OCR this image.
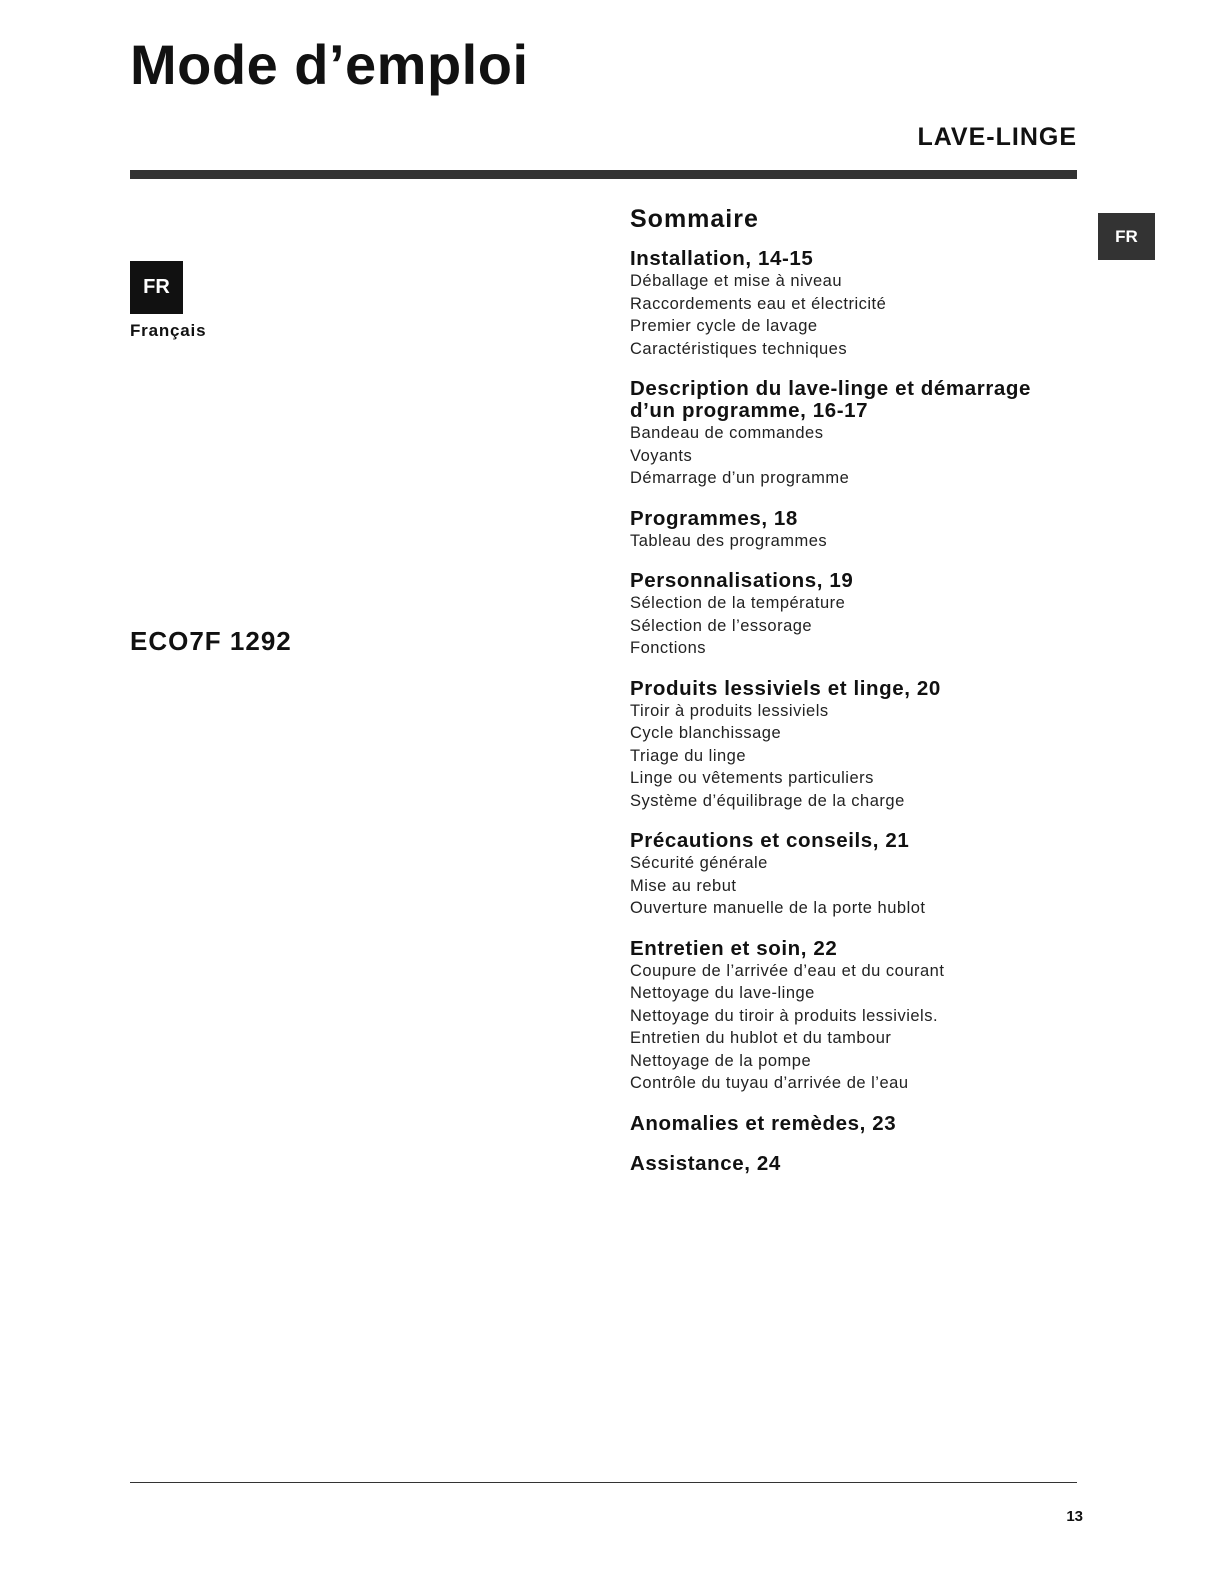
Mode d’emploi
LAVE-LINGE
FR
Français
ECO7F 1292
FR
Sommaire
Installation, 14-15
Déballage et mise à niveau
Raccordements eau et électricité
Premier cycle de lavage
Caractéristiques techniques
Description du lave-linge et démarrage d’un programme, 16-17
Bandeau de commandes
Voyants
Démarrage d’un programme
Programmes, 18
Tableau des programmes
Personnalisations, 19
Sélection de la température
Sélection de l’essorage
Fonctions
Produits lessiviels et linge, 20
Tiroir à produits lessiviels
Cycle blanchissage
Triage du linge
Linge ou vêtements particuliers
Système d’équilibrage de la charge
Précautions et conseils, 21
Sécurité générale
Mise au rebut
Ouverture manuelle de la porte hublot
Entretien et soin, 22
Coupure de l’arrivée d’eau et du courant
Nettoyage du lave-linge
Nettoyage du tiroir à produits lessiviels.
Entretien du hublot et du tambour
Nettoyage de la pompe
Contrôle du tuyau d’arrivée de l’eau
Anomalies et remèdes, 23
Assistance, 24
13
